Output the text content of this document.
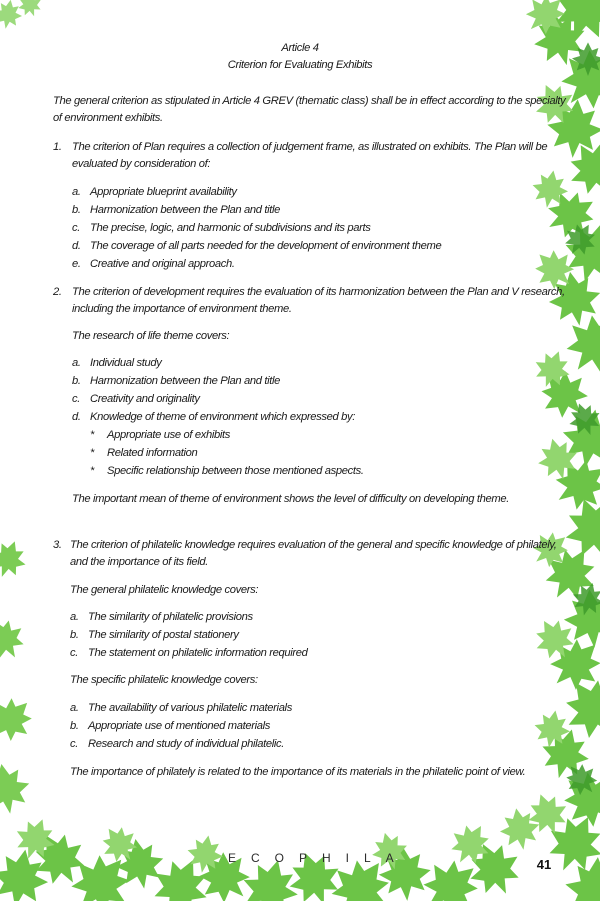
Article 4
Criterion for Evaluating Exhibits
The general criterion as stipulated in Article 4 GREV (thematic class) shall be in effect according to the specialty
of environment exhibits.
1. The criterion of Plan requires a collection of judgement frame, as illustrated on exhibits. The Plan will be
evaluated by consideration of:
a. Appropriate blueprint availability
b. Harmonization between the Plan and title
c. The precise, logic, and harmonic of subdivisions and its parts
d. The coverage of all parts needed for the development of environment theme
e. Creative and original approach.
2. The criterion of development requires the evaluation of its harmonization between the Plan and V research,
including the importance of environment theme.
The research of life theme covers:
a. Individual study
b. Harmonization between the Plan and title
c. Creativity and originality
d. Knowledge of theme of environment which expressed by:
* Appropriate use of exhibits
* Related information
* Specific relationship between those mentioned aspects.
The important mean of theme of environment shows the level of difficulty on developing theme.
3. The criterion of philatelic knowledge requires evaluation of the general and specific knowledge of philately,
and the importance of its field.
The general philatelic knowledge covers:
a. The similarity of philatelic provisions
b. The similarity of postal stationery
c. The statement on philatelic information required
The specific philatelic knowledge covers:
a. The availability of various philatelic materials
b. Appropriate use of mentioned materials
c. Research and study of individual philatelic.
The importance of philately is related to the importance of its materials in the philatelic point of view.
ECOPHILA	41
